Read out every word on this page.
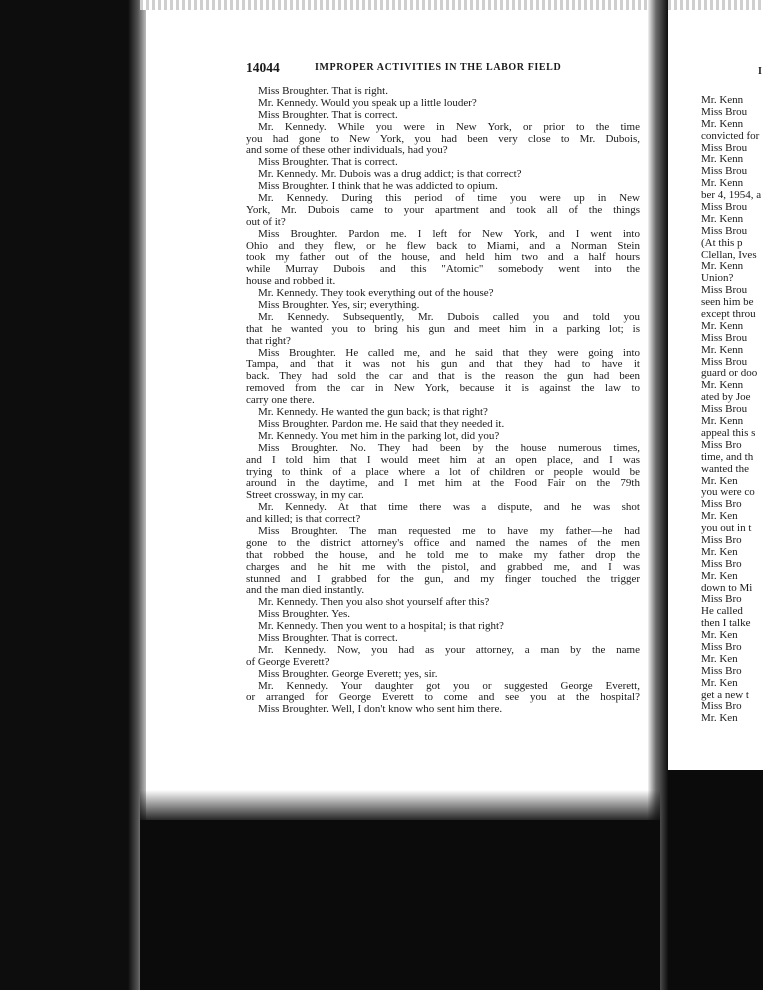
14044	IMPROPER ACTIVITIES IN THE LABOR FIELD
Miss Broughter. That is right.
Mr. Kennedy. Would you speak up a little louder?
Miss Broughter. That is correct.
Mr. Kennedy. While you were in New York, or prior to the time
you had gone to New York, you had been very close to Mr. Dubois,
and some of these other individuals, had you?
Miss Broughter. That is correct.
Mr. Kennedy. Mr. Dubois was a drug addict; is that correct?
Miss Broughter. I think that he was addicted to opium.
Mr. Kennedy. During this period of time you were up in New
York, Mr. Dubois came to your apartment and took all of the things
out of it?
Miss Broughter. Pardon me. I left for New York, and I went into
Ohio and they flew, or he flew back to Miami, and a Norman Stein
took my father out of the house, and held him two and a half hours
while Murray Dubois and this "Atomic" somebody went into the
house and robbed it.
Mr. Kennedy. They took everything out of the house?
Miss Broughter. Yes, sir; everything.
Mr. Kennedy. Subsequently, Mr. Dubois called you and told you
that he wanted you to bring his gun and meet him in a parking lot; is
that right?
Miss Broughter. He called me, and he said that they were going into
Tampa, and that it was not his gun and that they had to have it
back. They had sold the car and that is the reason the gun had been
removed from the car in New York, because it is against the law to
carry one there.
Mr. Kennedy. He wanted the gun back; is that right?
Miss Broughter. Pardon me. He said that they needed it.
Mr. Kennedy. You met him in the parking lot, did you?
Miss Broughter. No. They had been by the house numerous times,
and I told him that I would meet him at an open place, and I was
trying to think of a place where a lot of children or people would be
around in the daytime, and I met him at the Food Fair on the 79th
Street crossway, in my car.
Mr. Kennedy. At that time there was a dispute, and he was shot
and killed; is that correct?
Miss Broughter. The man requested me to have my father—he had
gone to the district attorney's office and named the names of the men
that robbed the house, and he told me to make my father drop the
charges and he hit me with the pistol, and grabbed me, and I was
stunned and I grabbed for the gun, and my finger touched the trigger
and the man died instantly.
Mr. Kennedy. Then you also shot yourself after this?
Miss Broughter. Yes.
Mr. Kennedy. Then you went to a hospital; is that right?
Miss Broughter. That is correct.
Mr. Kennedy. Now, you had as your attorney, a man by the name
of George Everett?
Miss Broughter. George Everett; yes, sir.
Mr. Kennedy. Your daughter got you or suggested George Everett,
or arranged for George Everett to come and see you at the hospital?
Miss Broughter. Well, I don't know who sent him there.
I
Mr. Kenn
Miss Brou
Mr. Kenn
convicted for
Miss Brou
Mr. Kenn
Miss Brou
Mr. Kenn
ber 4, 1954, a
Miss Brou
Mr. Kenn
Miss Brou
(At this p
Clellan, Ives
Mr. Kenn
Union?
Miss Brou
seen him be
except throu
Mr. Kenn
Miss Brou
Mr. Kenn
Miss Brou
guard or doo
Mr. Kenn
ated by Joe
Miss Brou
Mr. Kenn
appeal this s
Miss Bro
time, and th
wanted the
Mr. Ken
you were co
Miss Bro
Mr. Ken
you out in t
Miss Bro
Mr. Ken
Miss Bro
Mr. Ken
down to Mi
Miss Bro
He called
then I talke
Mr. Ken
Miss Bro
Mr. Ken
Miss Bro
Mr. Ken
get a new t
Miss Bro
Mr. Ken
